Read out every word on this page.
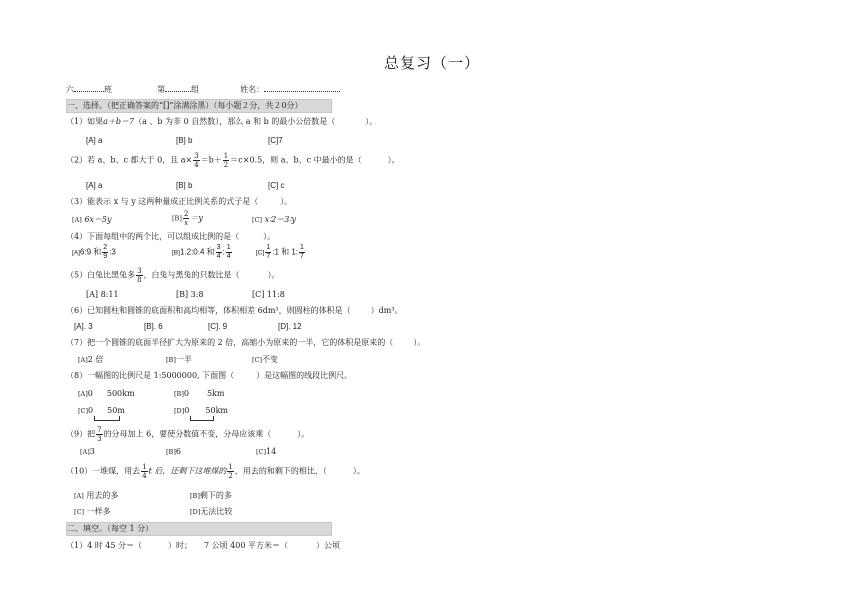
总复习（一）
六	班	第	组	姓名：
一、选择。（把正确答案的“[]”涂满涂黑）（每小题２分，共２0分）
（1）如果a＋b＝7（a 、b 为非 0 自然数），那么 a 和 b 的最小公倍数是（	）。
[A] a	[B] b	[C]7
（2）若 a、b、c 都大于 0，且 $a\times \frac{3}{4} =b+ \frac{1}{2} =c\times 0.5$，则 a、b、c 中最小的是（	）。
[A] a	[B] b	[C] c
（3）能表示 x 与 y 这两种量成正比例关系的式子是（	）。
[A] 6x＝5y	$[B] \frac{2}{x} =y$	[C] x∶2＝3∶y
（4）下面每组中的两个比，可以组成比例的是（	）。
[A]6:9 和 $\frac{2}{9}$ :3	[B]1.2:0.4 和 $\frac{3}{4}$ : $\frac{1}{4}$	$[C] \frac{1}{7}$ :1 和 1: $\frac{1}{7}$
（5）白兔比黑兔多 $\frac{3}{8}$ ，白兔与黑兔的只数比是（	）。
[A] 8:11	[B] 3:8	[C] 11:8
（6）已知圆柱和圆锥的底面积和高均相等，体积相差 6dm³，则圆柱的体积是（	）dm³。
[A]. 3	[B]. 6	[C]. 9	[D]. 12
（7）把一个圆锥的底面半径扩大为原来的 2 倍，高缩小为原来的一半，它的体积是原来的（	）。
[A]2 倍	[B]一半	[C]不变
（8）一幅图的比例尺是 1:5000000, 下面图（	）是这幅图的线段比例尺。
[A]0 500km	[B]0 5km
[C]0 50m	[D]0 50km
（9）把 $\frac{7}{3}$ 的分母加上 6，要使分数值不变，分母应该乘（	）。
[A]3	[B]6	[C]14
（10）一堆煤，用去 $\frac{1}{4}$ t 后，还剩下这堆煤的 $\frac{1}{2}$ ，用去的和剩下的相比，（	）。
[A] 用去的多	[B]剩下的多
[C] 一样多	[D]无法比较
二、填空。（每空 1 分）
（1）4 时 45 分＝（	）时； 7 公顷 400 平方米＝（	）公顷
